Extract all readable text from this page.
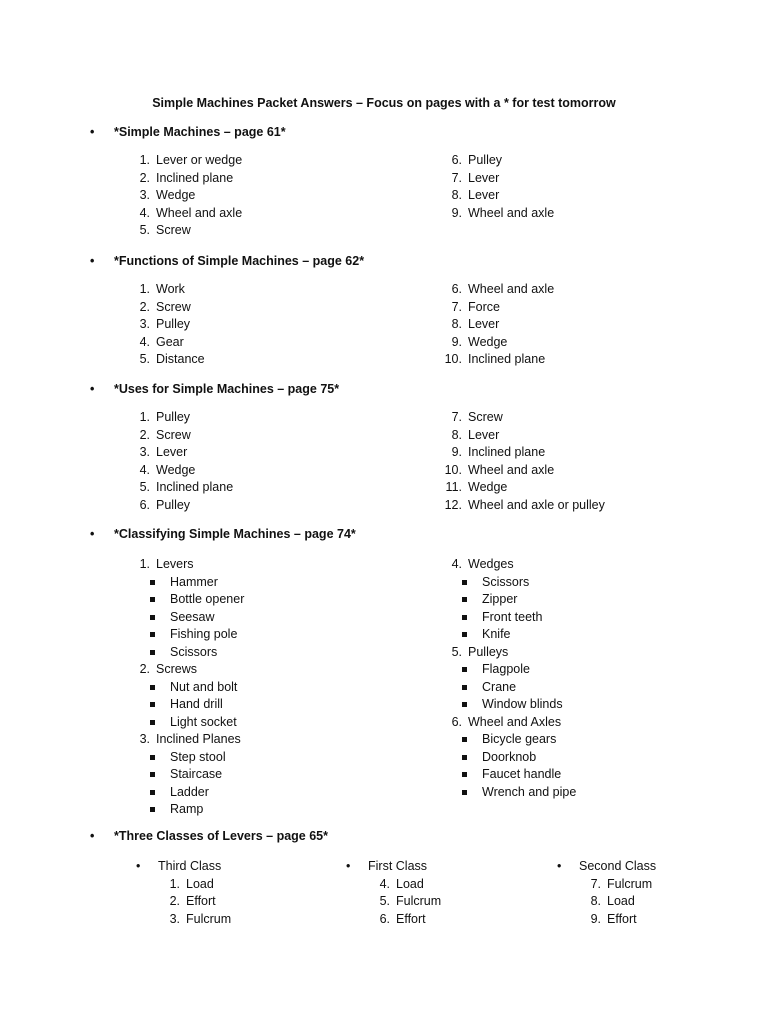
Simple Machines Packet Answers – Focus on pages with a * for test tomorrow
• *Simple Machines – page 61*
1. Lever or wedge
2. Inclined plane
3. Wedge
4. Wheel and axle
5. Screw
6. Pulley
7. Lever
8. Lever
9. Wheel and axle
• *Functions of Simple Machines – page 62*
1. Work
2. Screw
3. Pulley
4. Gear
5. Distance
6. Wheel and axle
7. Force
8. Lever
9. Wedge
10. Inclined plane
• *Uses for Simple Machines – page 75*
1. Pulley
2. Screw
3. Lever
4. Wedge
5. Inclined plane
6. Pulley
7. Screw
8. Lever
9. Inclined plane
10. Wheel and axle
11. Wedge
12. Wheel and axle or pulley
• *Classifying Simple Machines – page 74*
1. Levers
Hammer
Bottle opener
Seesaw
Fishing pole
Scissors
2. Screws
Nut and bolt
Hand drill
Light socket
3. Inclined Planes
Step stool
Staircase
Ladder
Ramp
4. Wedges
Scissors
Zipper
Front teeth
Knife
5. Pulleys
Flagpole
Crane
Window blinds
6. Wheel and Axles
Bicycle gears
Doorknob
Faucet handle
Wrench and pipe
• *Three Classes of Levers – page 65*
• Third Class
1. Load
2. Effort
3. Fulcrum
• First Class
4. Load
5. Fulcrum
6. Effort
• Second Class
7. Fulcrum
8. Load
9. Effort
